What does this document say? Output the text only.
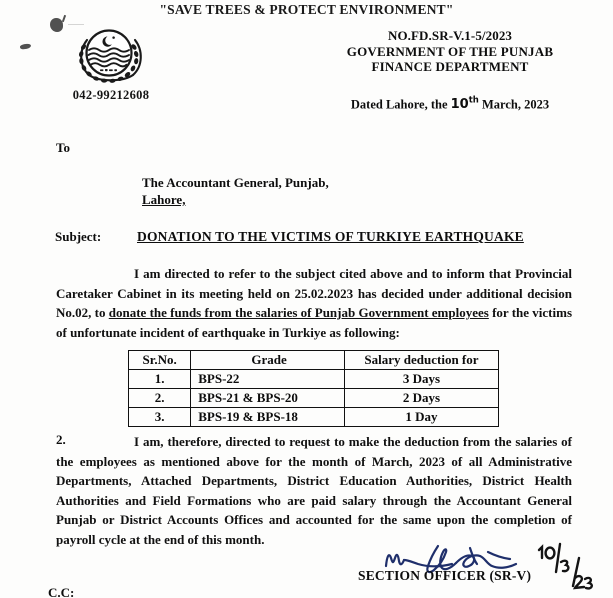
"SAVE TREES & PROTECT ENVIRONMENT"
042-99212608
NO.FD.SR-V.1-5/2023
GOVERNMENT OF THE PUNJAB
FINANCE DEPARTMENT
Dated Lahore, the 10th March, 2023
To
The Accountant General, Punjab,
Lahore,
Subject:	DONATION TO THE VICTIMS OF TURKIYE EARTHQUAKE
I am directed to refer to the subject cited above and to inform that Provincial Caretaker Cabinet in its meeting held on 25.02.2023 has decided under additional decision No.02, to donate the funds from the salaries of Punjab Government employees for the victims of unfortunate incident of earthquake in Turkiye as following:
Sr.No.	Grade	Salary deduction for
1.	BPS-22	3 Days
2.	BPS-21 & BPS-20	2 Days
3.	BPS-19 & BPS-18	1 Day
2.	I am, therefore, directed to request to make the deduction from the salaries of the employees as mentioned above for the month of March, 2023 of all Administrative Departments, Attached Departments, District Education Authorities, District Health Authorities and Field Formations who are paid salary through the Accountant General Punjab or District Accounts Offices and accounted for the same upon the completion of payroll cycle at the end of this month.
SECTION OFFICER (SR-V)
C.C:
